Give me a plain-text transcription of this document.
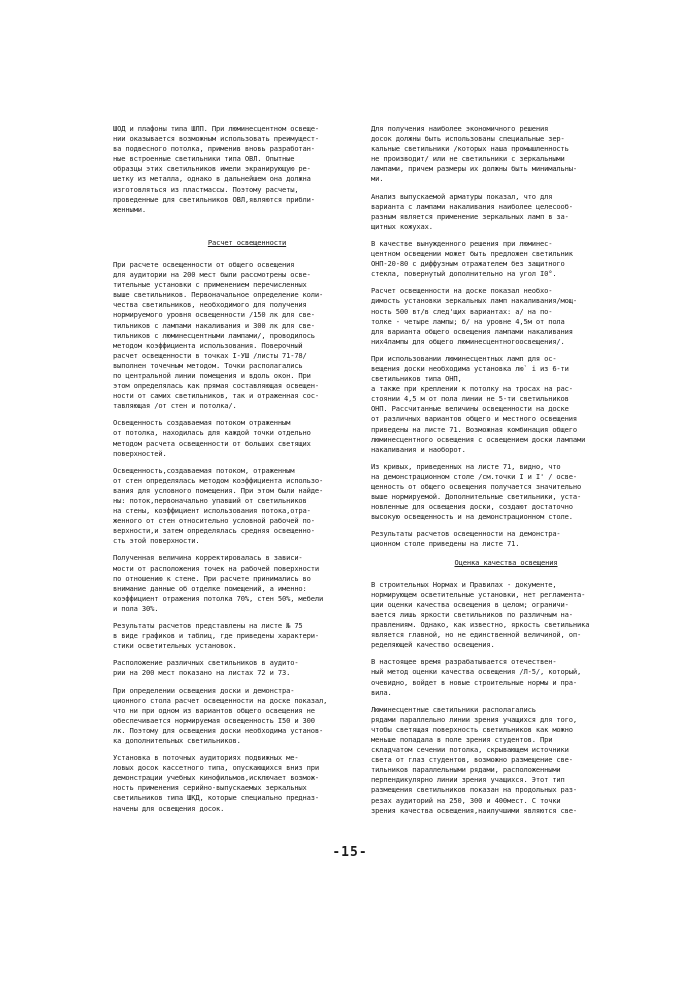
ШОД и плафоны типа ШЛП. При люминесцентном освеще-
нии оказывается возможным использовать преимущест-
ва подвесного потолка, применив вновь разработан-
ные встроенные светильники типа ОВЛ. Опытные
образцы этих светильников имели экранирующую ре-
шетку из металла, однако в дальнейшем она должна
изготовляться из пластмассы. Поэтому расчеты,
проведенные для светильников ОВЛ,являются прибли-
женными.

Расчет освещенности

При расчете освещенности от общего освещения
для аудитории на 200 мест были рассмотрены освe-
тительные установки с применением перечисленных
выше светильников. Первоначальное определение коли-
чества светильников, необходимого для получения
нормируемого уровня освещенности /150 лк для све-
тильников с лампами накаливания и 300 лк для све-
тильников с люминесцентными лампами/, проводилось
методом коэффициента использования. Поверочный
расчет освещенности в точках I-УШ /листы 71-78/
выполнен точечным методом. Точки располагались
по центральной линии помещения и вдоль окон. При
этом определялась как прямая составляющая освещен-
ности от самих светильников, так и отраженная сос-
тавляющая /от стен и потолка/.

Освещенность создаваемая потоком отраженным
от потолка, находилась для каждой точки отдельно
методом расчета освещенности от больших светящих
поверхностей.

Освещенность,создаваемая потоком, отраженным
от стен определялась методом коэффициента использо-
вания для условного помещения. При этом были найде-
ны: поток,первоначально упавший от светильников
на стены, коэффициент использования потока,отра-
женного от стен относительно условной рабочей по-
верхности,и затем определялась средняя освещенно-
сть этой поверхности.

Полученная величина корректировалась в зависи-
мости от расположения точек на рабочей поверхности
по отношению к стене. При расчете принимались во
внимание данные об отделке помещений, а именно:
коэффициент отражения потолка 70%, стен 50%, мебели
и пола 30%.

Результаты расчетов представлены на листе № 75
в виде графиков и таблиц, где приведены характери-
стики осветительных установок.

Расположение различных светильников в аудито-
рии на 200 мест показано на листах 72 и 73.

При определении освещения доски и демонстра-
ционного стола расчет освещенности на доске показал,
что ни при одном из вариантов общего освещения не
обеспечивается нормируемая освещенность I50 и 300
лк. Поэтому для освещения доски необходима установ-
ка дополнительных светильников.

Установка в поточных аудиториях подвижных ме-
ловых досок кассетного типа, опускающихся вниз при
демонстрации учебных кинофильмов,исключает возмож-
ность применения серийно-выпускаемых зеркальных
светильников типа ШКД, которые специально предназ-
начены для освещения досок.

Для получения наиболее экономичного решения
досок должны быть использованы специальные зер-
кальные светильники /которых наша промышленность
не производит/ или не светильники с зеркальными
лампами, причем размеры их должны быть минимальны-
ми.

Анализ выпускаемой арматуры показал, что для
варианта с лампами накаливания наиболее целесооб-
разным является применение зеркальных ламп в за-
щитных кожухах.

В качестве вынужденного решения при люминес-
центном освещении может быть предложен светильник
ОНП-20-80 с диффузным отражателем без защитного
стекла, повернутый дополнительно на угол I0°.

Расчет освещенности на доске показал необхо-
димость установки зеркальных ламп накаливания/мощ-
ность 500 вт/в след'щих вариантах: а/ на по-
толке - четыре лампы; б/ на уровне 4,5м от пола
для варианта общего освещения лампами накаливания
них4лампы для общего люминесцентногоосвещения/.

При использовании люминесцентных ламп для ос-
вещения доски необходима установка лю` i из 6-ти
светильников типа ОНП,
а также при креплении к потолку на тросах на рас-
стоянии 4,5 м от пола линии не 5-ти светильников
ОНП. Рассчитанные величины освещенности на доске
от различных вариантов общего и местного освещения
приведены на листе 71. Возможная комбинация общего
люминесцентного освещения с освещением доски лампами
накаливания и наоборот.

Из кривых, приведенных на листе 71, видно, что
на демонстрационном столе /см.точки I и I' / осве-
щенность от общего освещения получается значительно
выше нормируемой. Дополнительные светильники, уста-
новленные для освещения доски, создают достаточно
высокую освещенность и на демонстрационном столе.

Результаты расчетов освещенности на демонстра-
ционном столе приведены на листе 71.

Оценка качества освещения

В строительных Нормах и Правилах - документе,
нормирующем осветительные установки, нет регламента-
ции оценки качества освещения в целом; ограничи-
вается лишь яркости светильников по различным на-
правлениям. Однако, как известно, яркость светильника
является главной, но не единственной величиной, оп-
ределяющей качество освещения.

В настоящее время разрабатывается отечествен-
ный метод оценки качества освещения /Л-5/, который,
очевидно, войдет в новые строительные нормы и пра-
вила.

Люминесцентные светильники располагались
рядами параллельно линии зрения учащихся для того,
чтобы светящая поверхность светильников как можно
меньше попадала в поле зрения студентов. При
складчатом сечении потолка, скрывающем источники
света от глаз студентов, возможно размещение све-
тильников параллельными рядами, расположенными
перпендикулярно линии зрения учащихся. Этот тип
размещения светильников показан на продольных раз-
резах аудиторий на 250, 300 и 400мест. С точки
зрения качества освещения,наилучшими являются све-

-15-
